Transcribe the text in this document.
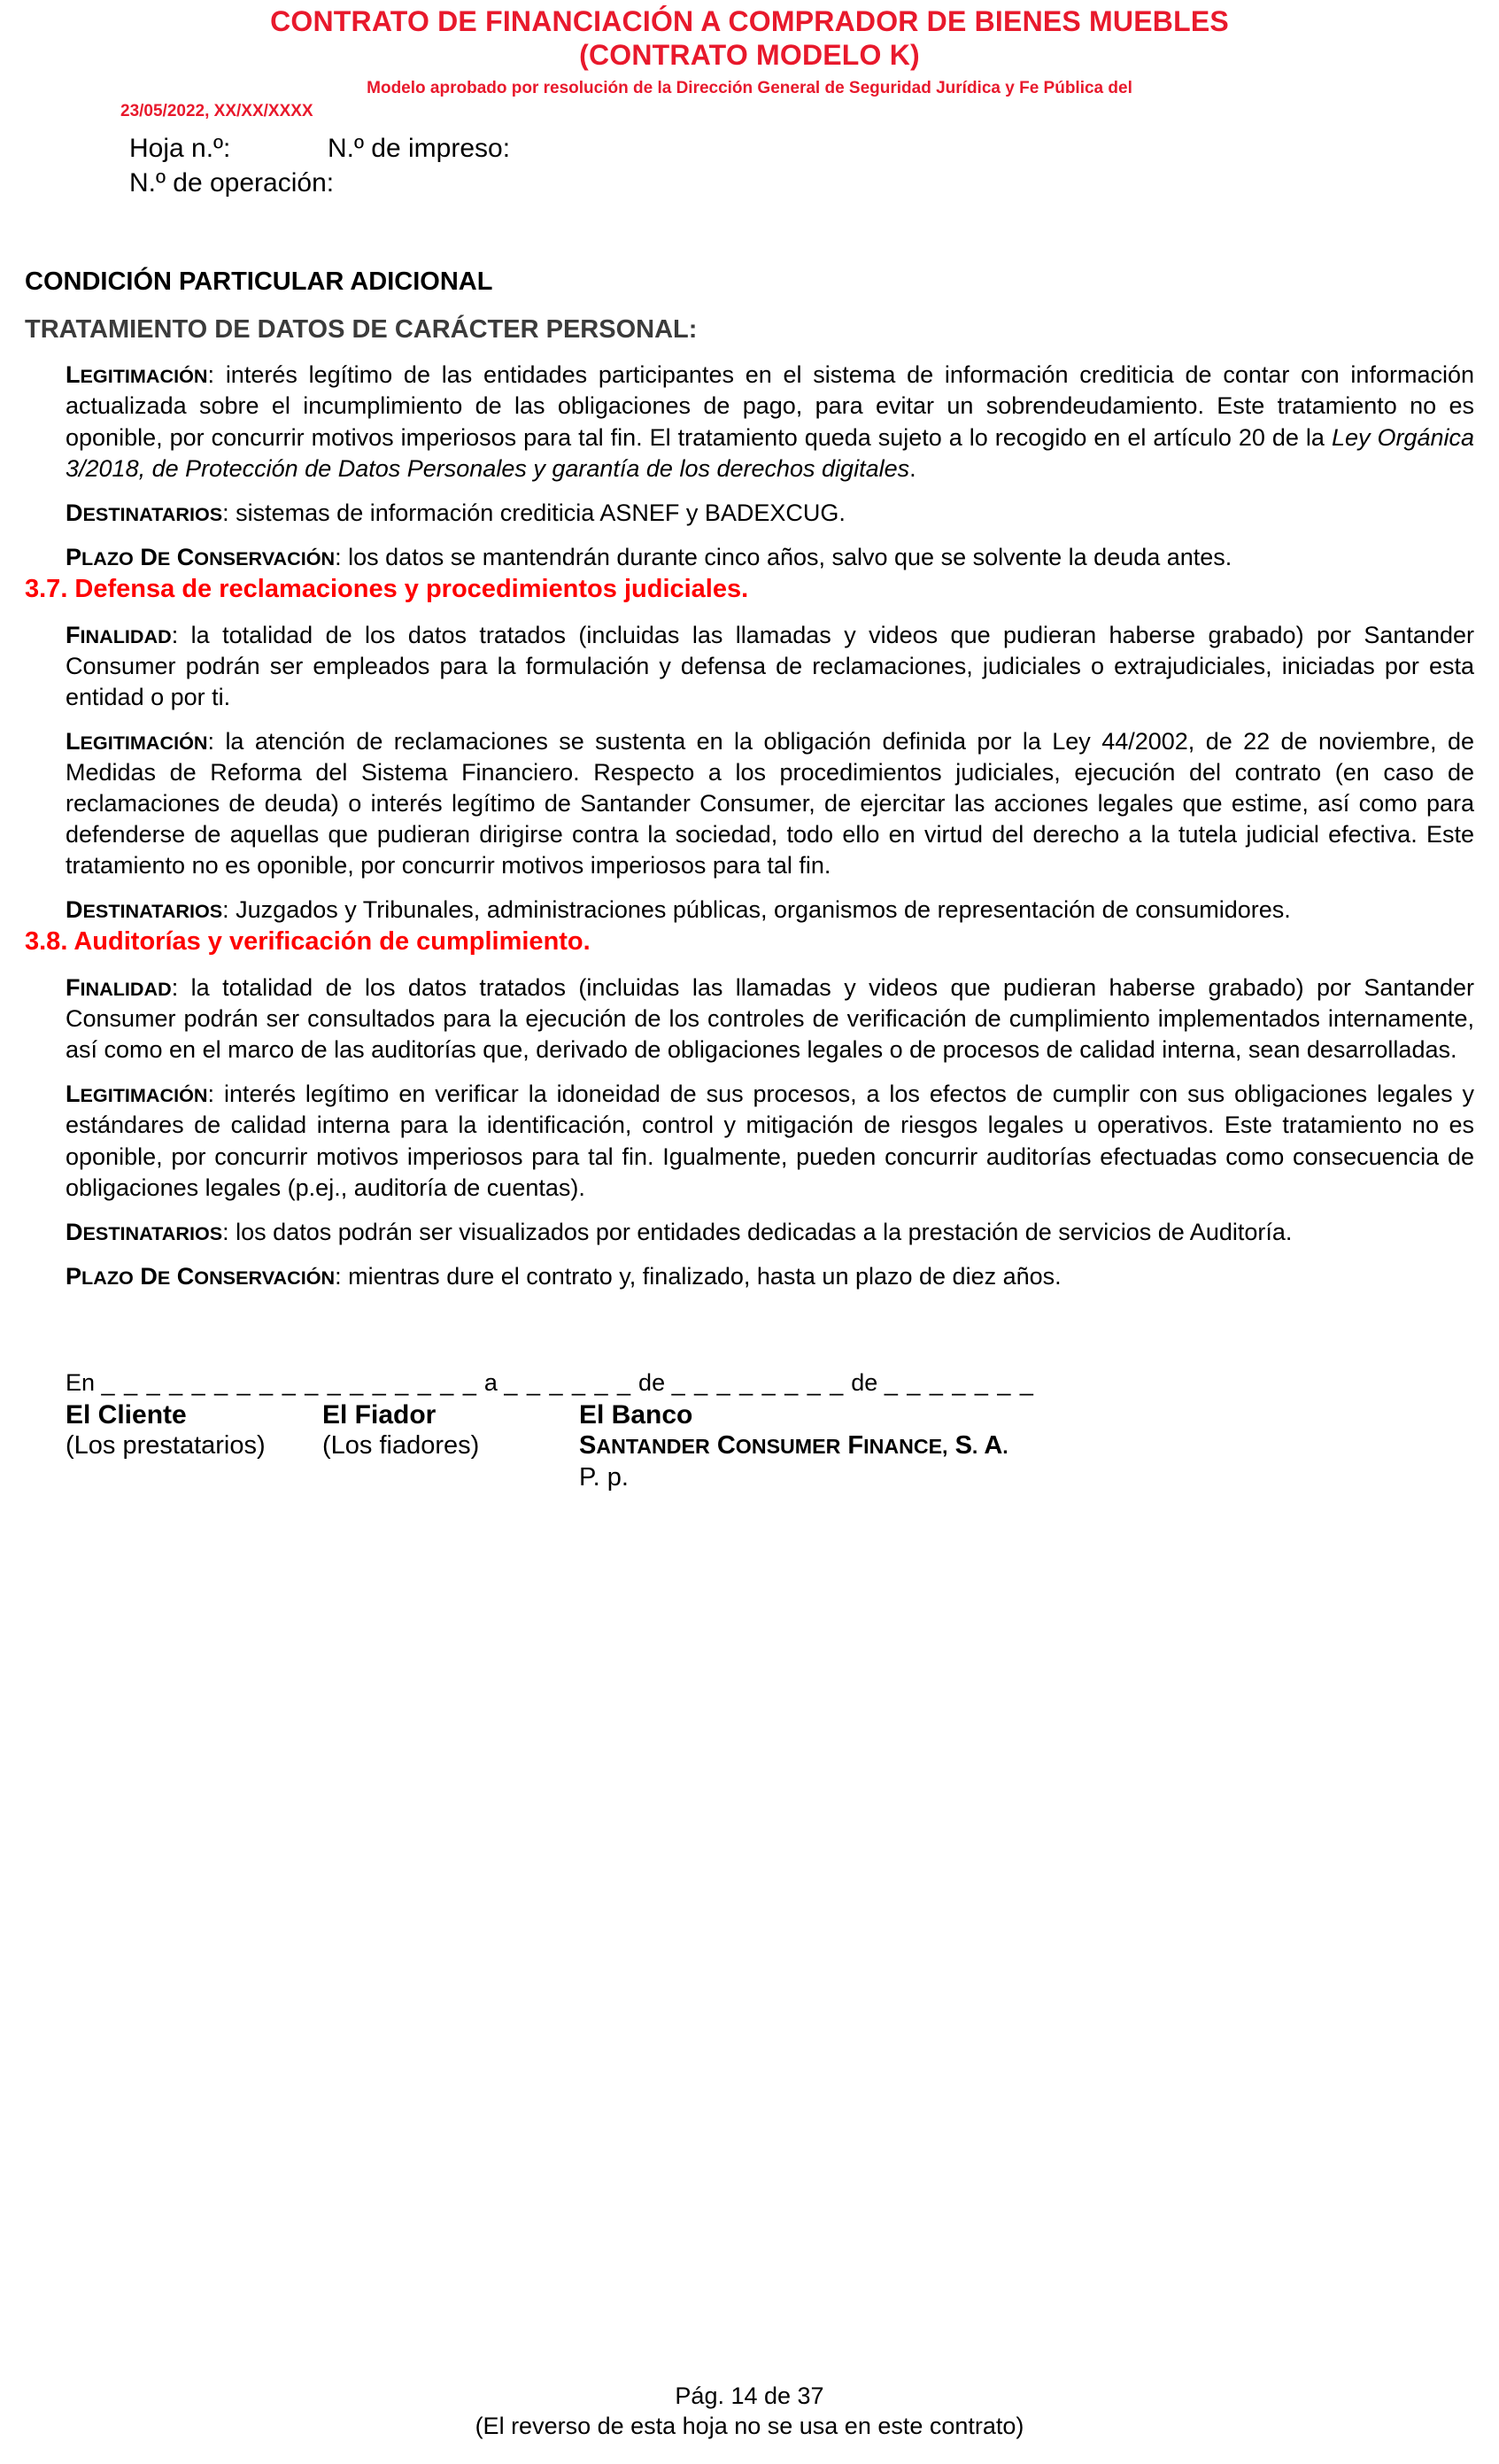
CONTRATO DE FINANCIACIÓN A COMPRADOR DE BIENES MUEBLES
(CONTRATO MODELO K)
Modelo aprobado por resolución de la Dirección General de Seguridad Jurídica y Fe Pública del
23/05/2022, XX/XX/XXXX
Hoja n.º:	N.º de impreso:
N.º de operación:
CONDICIÓN PARTICULAR ADICIONAL
TRATAMIENTO DE DATOS DE CARÁCTER PERSONAL:

LEGITIMACIÓN: interés legítimo de las entidades participantes en el sistema de información crediticia de contar con información actualizada sobre el incumplimiento de las obligaciones de pago, para evitar un sobrendeudamiento. Este tratamiento no es oponible, por concurrir motivos imperiosos para tal fin. El tratamiento queda sujeto a lo recogido en el artículo 20 de la Ley Orgánica 3/2018, de Protección de Datos Personales y garantía de los derechos digitales.

DESTINATARIOS: sistemas de información crediticia ASNEF y BADEXCUG.

PLAZO DE CONSERVACIÓN: los datos se mantendrán durante cinco años, salvo que se solvente la deuda antes.

3.7. Defensa de reclamaciones y procedimientos judiciales.

FINALIDAD: la totalidad de los datos tratados (incluidas las llamadas y videos que pudieran haberse grabado) por Santander Consumer podrán ser empleados para la formulación y defensa de reclamaciones, judiciales o extrajudiciales, iniciadas por esta entidad o por ti.

LEGITIMACIÓN: la atención de reclamaciones se sustenta en la obligación definida por la Ley 44/2002, de 22 de noviembre, de Medidas de Reforma del Sistema Financiero. Respecto a los procedimientos judiciales, ejecución del contrato (en caso de reclamaciones de deuda) o interés legítimo de Santander Consumer, de ejercitar las acciones legales que estime, así como para defenderse de aquellas que pudieran dirigirse contra la sociedad, todo ello en virtud del derecho a la tutela judicial efectiva. Este tratamiento no es oponible, por concurrir motivos imperiosos para tal fin.

DESTINATARIOS: Juzgados y Tribunales, administraciones públicas, organismos de representación de consumidores.

3.8. Auditorías y verificación de cumplimiento.

FINALIDAD: la totalidad de los datos tratados (incluidas las llamadas y videos que pudieran haberse grabado) por Santander Consumer podrán ser consultados para la ejecución de los controles de verificación de cumplimiento implementados internamente, así como en el marco de las auditorías que, derivado de obligaciones legales o de procesos de calidad interna, sean desarrolladas.

LEGITIMACIÓN: interés legítimo en verificar la idoneidad de sus procesos, a los efectos de cumplir con sus obligaciones legales y estándares de calidad interna para la identificación, control y mitigación de riesgos legales u operativos. Este tratamiento no es oponible, por concurrir motivos imperiosos para tal fin. Igualmente, pueden concurrir auditorías efectuadas como consecuencia de obligaciones legales (p.ej., auditoría de cuentas).

DESTINATARIOS: los datos podrán ser visualizados por entidades dedicadas a la prestación de servicios de Auditoría.

PLAZO DE CONSERVACIÓN: mientras dure el contrato y, finalizado, hasta un plazo de diez años.

En _ _ _ _ _ _ _ _ _ _ _ _ _ _ _ _ _ a _ _ _ _ _ _ de _ _ _ _ _ _ _ _ de _ _ _ _ _ _ _
El Cliente
(Los prestatarios)
El Fiador
(Los fiadores)
El Banco
SANTANDER CONSUMER FINANCE, S. A.
P. p.
Pág. 14 de 37
(El reverso de esta hoja no se usa en este contrato)
